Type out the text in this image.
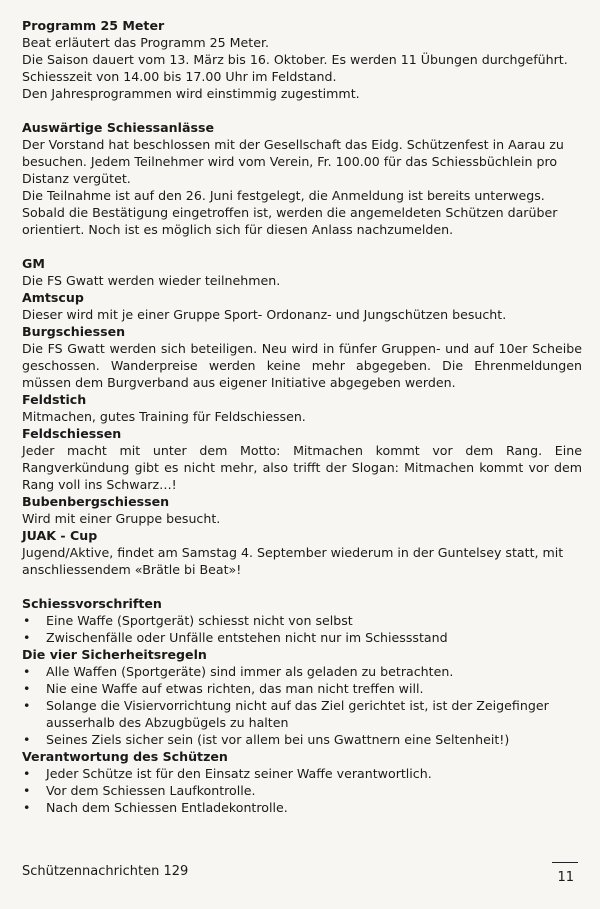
Programm 25 Meter

Beat erläutert das Programm 25 Meter.

Die Saison dauert vom 13. März bis 16. Oktober. Es werden 11 Übungen durchgeführt.

Schiesszeit von 14.00 bis 17.00 Uhr im Feldstand.

Den Jahresprogrammen wird einstimmig zugestimmt.

Auswärtige Schiessanlässe

Der Vorstand hat beschlossen mit der Gesellschaft das Eidg. Schützenfest in Aarau zu besuchen. Jedem Teilnehmer wird vom Verein, Fr. 100.00 für das Schiessbüchlein pro Distanz vergütet.

Die Teilnahme ist auf den 26. Juni festgelegt, die Anmeldung ist bereits unterwegs. Sobald die Bestätigung eingetroffen ist, werden die angemeldeten Schützen darüber orientiert. Noch ist es möglich sich für diesen Anlass nachzumelden.

GM

Die FS Gwatt werden wieder teilnehmen.

Amtscup

Dieser wird mit je einer Gruppe Sport- Ordonanz- und Jungschützen besucht.

Burgschiessen

Die FS Gwatt werden sich beteiligen. Neu wird in fünfer Gruppen- und auf 10er Scheibe geschossen. Wanderpreise werden keine mehr abgegeben. Die Ehrenmeldungen müssen dem Burgverband aus eigener Initiative abgegeben werden.

Feldstich

Mitmachen, gutes Training für Feldschiessen.

Feldschiessen

Jeder macht mit unter dem Motto: Mitmachen kommt vor dem Rang. Eine Rangverkündung gibt es nicht mehr, also trifft der Slogan: Mitmachen kommt vor dem Rang voll ins Schwarz…!

Bubenbergschiessen

Wird mit einer Gruppe besucht.

JUAK - Cup

Jugend/Aktive, findet am Samstag 4. September wiederum in der Guntelsey statt, mit anschliessendem «Brätle bi Beat»!

Schiessvorschriften
• Eine Waffe (Sportgerät) schiesst nicht von selbst
• Zwischenfälle oder Unfälle entstehen nicht nur im Schiessstand
Die vier Sicherheitsregeln
• Alle Waffen (Sportgeräte) sind immer als geladen zu betrachten.
• Nie eine Waffe auf etwas richten, das man nicht treffen will.
• Solange die Visiervorrichtung nicht auf das Ziel gerichtet ist, ist der Zeigefinger ausserhalb des Abzugbügels zu halten
• Seines Ziels sicher sein (ist vor allem bei uns Gwattnern eine Seltenheit!)
Verantwortung des Schützen
• Jeder Schütze ist für den Einsatz seiner Waffe verantwortlich.
• Vor dem Schiessen Laufkontrolle.
• Nach dem Schiessen Entladekontrolle.
Schützennachrichten 129	11
